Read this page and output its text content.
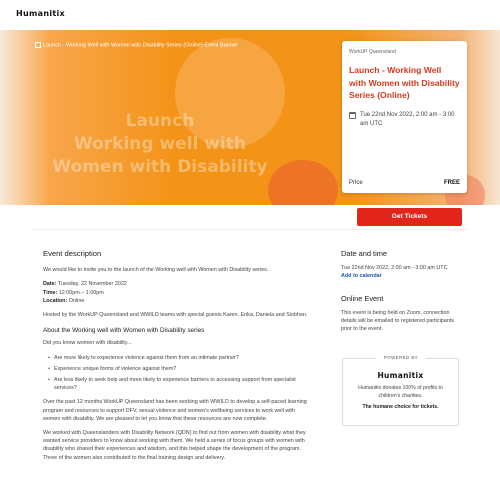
Humanitix
Launch - Working Well with Women with Disability Series (Online) Event Banner
Launch
Working well with
Women with Disability
WorkUP Queensland
Launch - Working Well with Women with Disability Series (Online)
Tue 22nd Nov 2022, 2:00 am - 3:00 am UTC
Price	FREE
Get Tickets
Event description

We would like to invite you to the launch of the Working well with Women with Disability series.

Date: Tuesday, 22 November 2022
Time: 12:00pm – 1:00pm
Location: Online

Hosted by the WorkUP Queensland and WWILD teams with special guests Karen, Erika, Daniela and Siobhan.

About the Working well with Women with Disability series

Did you know women with disability...

• Are more likely to experience violence against them from an intimate partner?
• Experience unique forms of violence against them?
• Are less likely to seek help and more likely to experience barriers to accessing support from specialist services?

Over the past 12 months WorkUP Queensland has been working with WWILD to develop a self-paced learning program and resources to support DFV, sexual violence and women's wellbeing services to work well with women with disability. We are pleased to let you know that these resources are now complete.

We worked with Queenslanders with Disability Network (QDN) to find out from women with disability what they wanted service providers to know about working with them. We held a series of focus groups with women with disability who shared their experiences and wisdom, and this helped shape the development of the program. Three of the women also contributed to the final training design and delivery.

Date and time
Tue 22nd Nov 2022, 2:00 am - 3:00 am UTC
Add to calendar
Online Event
This event is being held on Zoom, connection details will be emailed to registered participants prior to the event.
POWERED BY
Humanitix
Humanitix donates 100% of profits to children's charities.
The humane choice for tickets.
